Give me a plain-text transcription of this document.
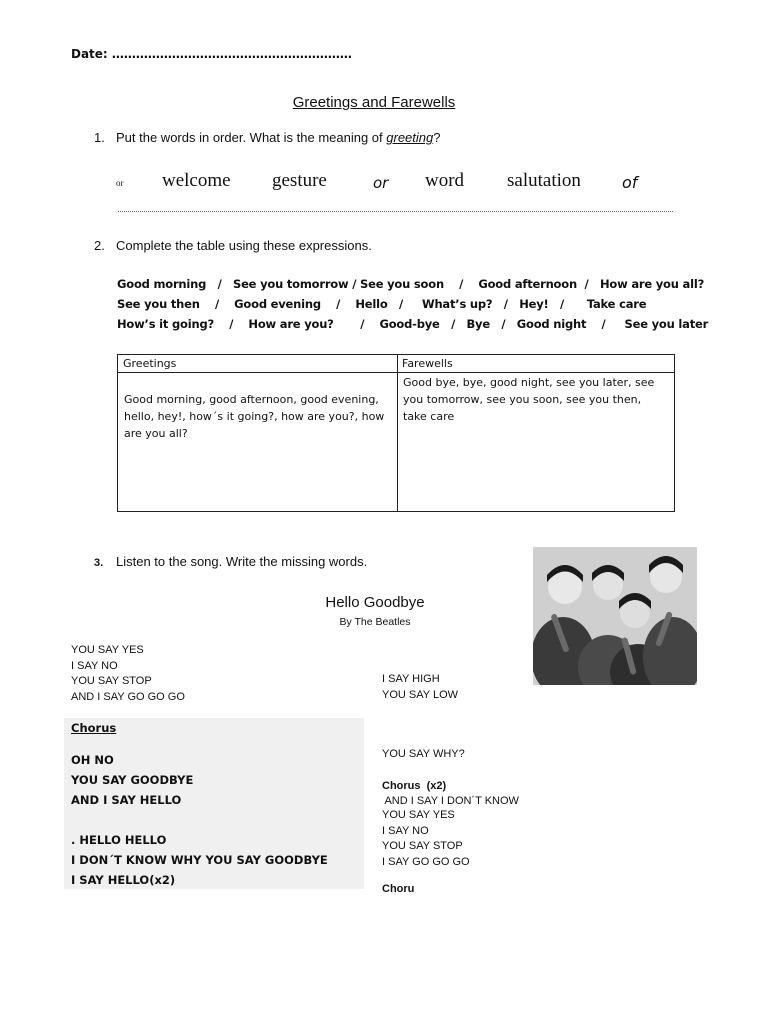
Date: ……………………………………………………
Greetings and Farewells
1. Put the words in order. What is the meaning of greeting?
or welcome gesture	or word salutation	of
2. Complete the table using these expressions.
Good morning   /   See you tomorrow / See you soon    /    Good afternoon  /   How are you all?
See you then    /    Good evening    /    Hello   /     What’s up?   /   Hey!   /      Take care
How’s it going?    /    How are you?       /    Good-bye   /   Bye   /   Good night    /     See you later
Greetings
Good morning, good afternoon, good evening, hello, hey!, how´s it going?, how are you?, how are you all?
Farewells
Good bye, bye, good night, see you later, see you tomorrow, see you soon, see you then, take care
3. Listen to the song. Write the missing words.
Hello Goodbye
By The Beatles
YOU SAY YES
I SAY NO
YOU SAY STOP
AND I SAY GO GO GO
Chorus
OH NO
YOU SAY GOODBYE
AND I SAY HELLO
. HELLO HELLO
I DON´T KNOW WHY YOU SAY GOODBYE
I SAY HELLO(x2)
I SAY HIGH
YOU SAY LOW

YOU SAY WHY?

AND I SAY I DON´T KNOW

Chorus  (x2)
YOU SAY YES
I SAY NO
YOU SAY STOP
I SAY GO GO GO
Choru
